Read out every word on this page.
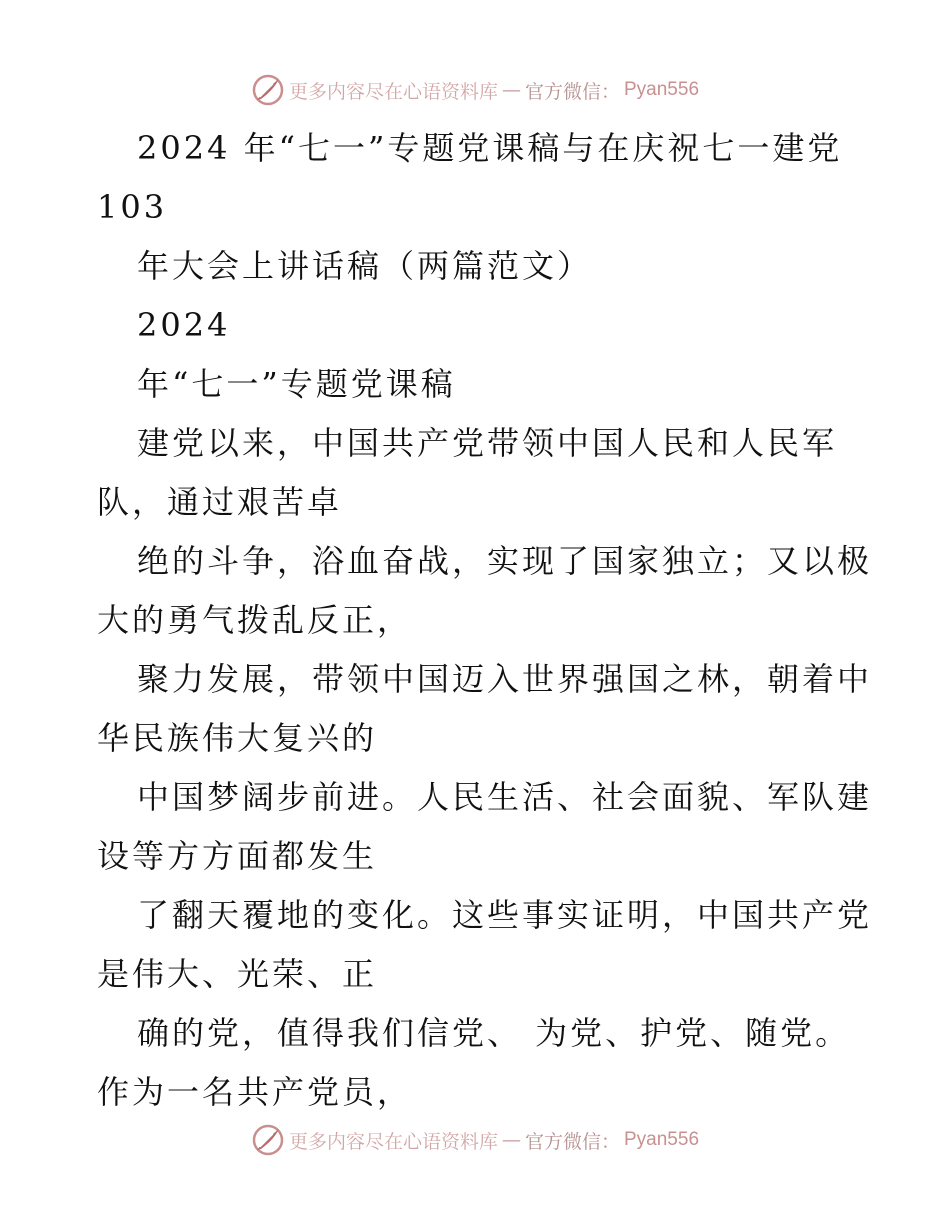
更多内容尽在心语资料库 — 官方微信： Pyan556
2024 年“七一”专题党课稿与在庆祝七一建党
103
年大会上讲话稿（两篇范文）
2024
年“七一”专题党课稿
建党以来，中国共产党带领中国人民和人民军
队，通过艰苦卓
绝的斗争，浴血奋战，实现了国家独立；又以极
大的勇气拨乱反正，
聚力发展，带领中国迈入世界强国之林，朝着中
华民族伟大复兴的
中国梦阔步前进。人民生活、社会面貌、军队建
设等方方面都发生
了翻天覆地的变化。这些事实证明，中国共产党
是伟大、光荣、正
确的党，值得我们信党、 为党、护党、随党。
作为一名共产党员，
更多内容尽在心语资料库 — 官方微信： Pyan556
